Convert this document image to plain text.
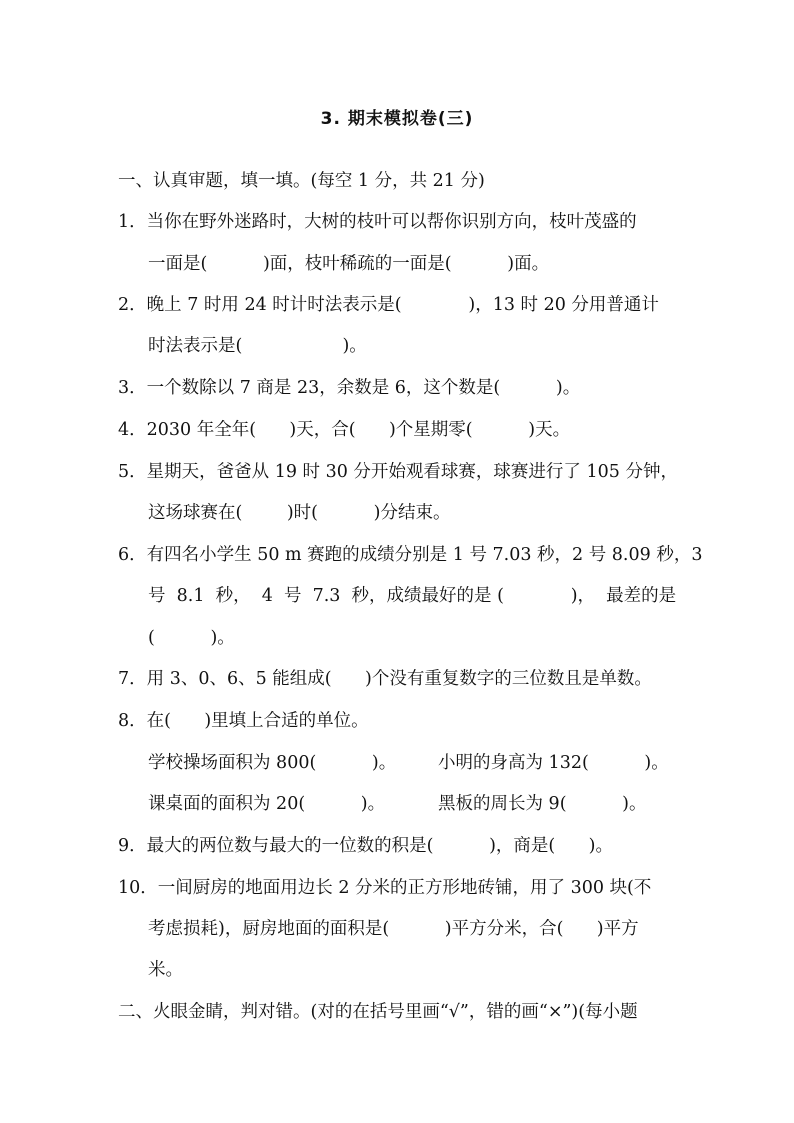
3. 期末模拟卷(三)
一、认真审题，填一填。(每空 1 分，共 21 分)
1．当你在野外迷路时，大树的枝叶可以帮你识别方向，枝叶茂盛的
一面是(          )面，枝叶稀疏的一面是(          )面。
2．晚上 7 时用 24 时计时法表示是(            )，13 时 20 分用普通计
时法表示是(                  )。
3．一个数除以 7 商是 23，余数是 6，这个数是(          )。
4．2030 年全年(      )天，合(      )个星期零(          )天。
5．星期天，爸爸从 19 时 30 分开始观看球赛，球赛进行了 105 分钟，
这场球赛在(        )时(          )分结束。
6．有四名小学生 50 m 赛跑的成绩分别是 1 号 7.03 秒，2 号 8.09 秒，3
号  8.1  秒，  4  号  7.3  秒，成绩最好的是 (            )，  最差的是
(          )。
7．用 3、0、6、5 能组成(      )个没有重复数字的三位数且是单数。
8．在(      )里填上合适的单位。
学校操场面积为 800(          )。 小明的身高为 132(          )。
课桌面的面积为 20(          )。	黑板的周长为 9(          )。
9．最大的两位数与最大的一位数的积是(          )，商是(      )。
10．一间厨房的地面用边长 2 分米的正方形地砖铺，用了 300 块(不
考虑损耗)，厨房地面的面积是(          )平方分米，合(      )平方
米。
二、火眼金睛，判对错。(对的在括号里画“√”，错的画“×”)(每小题
